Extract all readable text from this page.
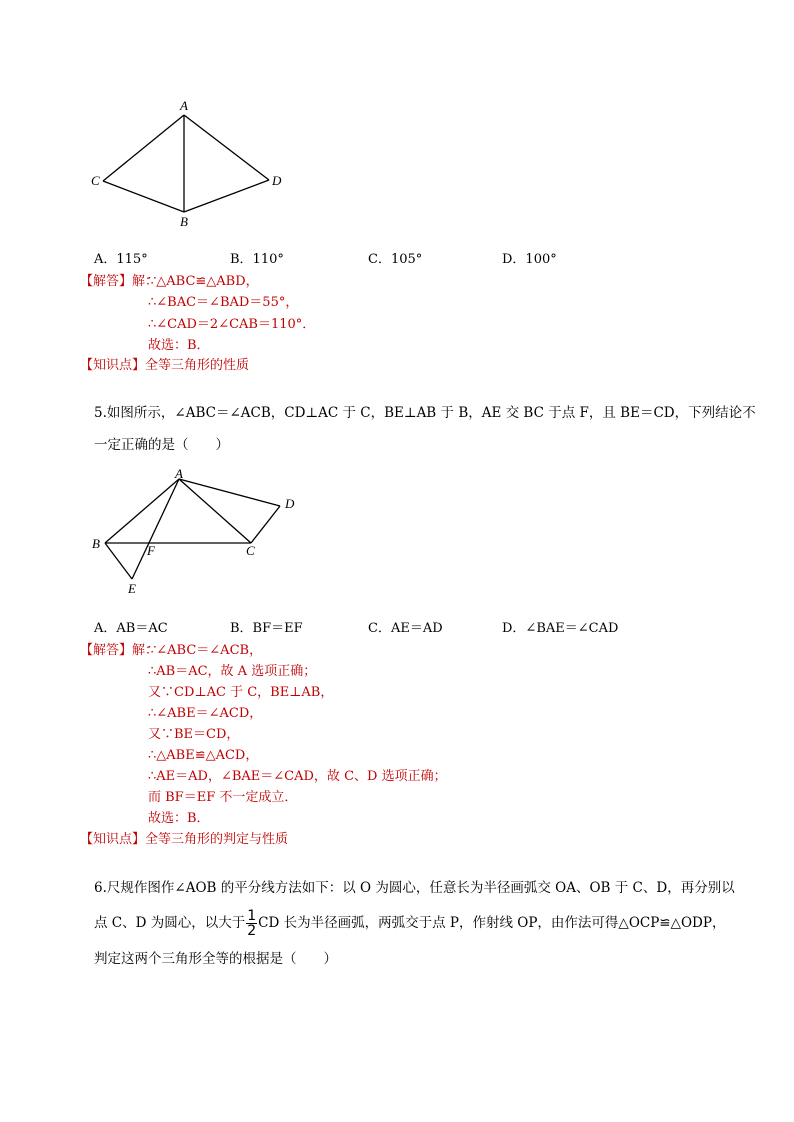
A
C	D
B
A．115°	B．110°	C．105°	D．100°
【解答】解：
∵△ABC≌△ABD，
∴∠BAC＝∠BAD＝55°，
∴∠CAD＝2∠CAB＝110°．
故选：B．
【知识点】全等三角形的性质
5.如图所示，∠ABC＝∠ACB，CD⊥AC 于 C，BE⊥AB 于 B，AE 交 BC 于点 F，且 BE＝CD，下列结论不
一定正确的是（　　）
A
D
B	F	C
E
A．AB＝AC	B．BF＝EF	C．AE＝AD	D．∠BAE＝∠CAD
【解答】解：
∵∠ABC＝∠ACB，
∴AB＝AC，故 A 选项正确；
又∵CD⊥AC 于 C，BE⊥AB，
∴∠ABE＝∠ACD，
又∵BE＝CD，
∴△ABE≌△ACD，
∴AE＝AD，∠BAE＝∠CAD，故 C、D 选项正确；
而 BF＝EF 不一定成立．
故选：B．
【知识点】全等三角形的判定与性质
6.尺规作图作∠AOB 的平分线方法如下：以 O 为圆心，任意长为半径画弧交 OA、OB 于 C、D，再分别以
点 C、D 为圆心，以大于 $\frac{1}{2}$ CD 长为半径画弧，两弧交于点 P，作射线 OP，由作法可得△OCP≌△ODP，
判定这两个三角形全等的根据是（　　）
